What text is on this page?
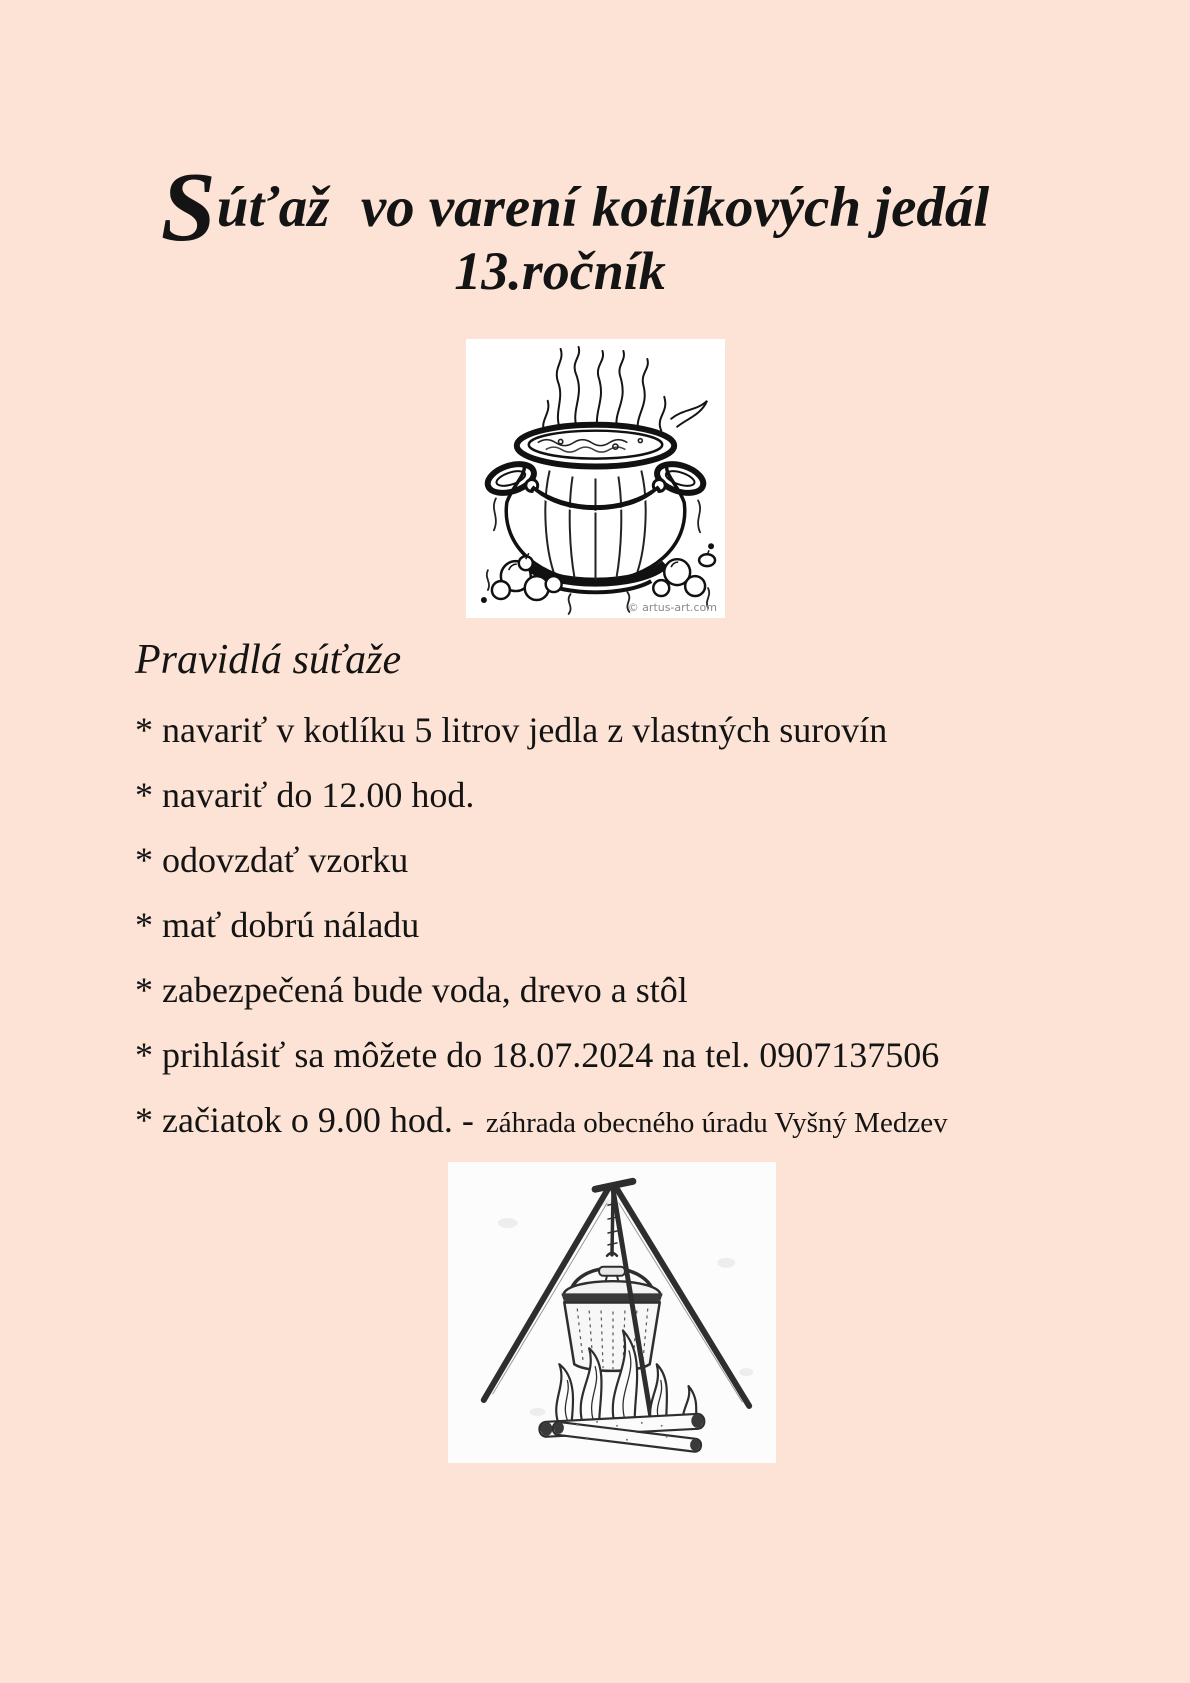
Súťaž vo varení kotlíkových jedál
13.ročník
© artus-art.com
Pravidlá súťaže
* navariť v kotlíku 5 litrov jedla z vlastných surovín
* navariť do 12.00 hod.
* odovzdať vzorku
* mať dobrú náladu
* zabezpečená bude voda, drevo a stôl
* prihlásiť sa môžete do 18.07.2024 na tel. 0907137506
* začiatok o 9.00 hod. - záhrada obecného úradu Vyšný Medzev
